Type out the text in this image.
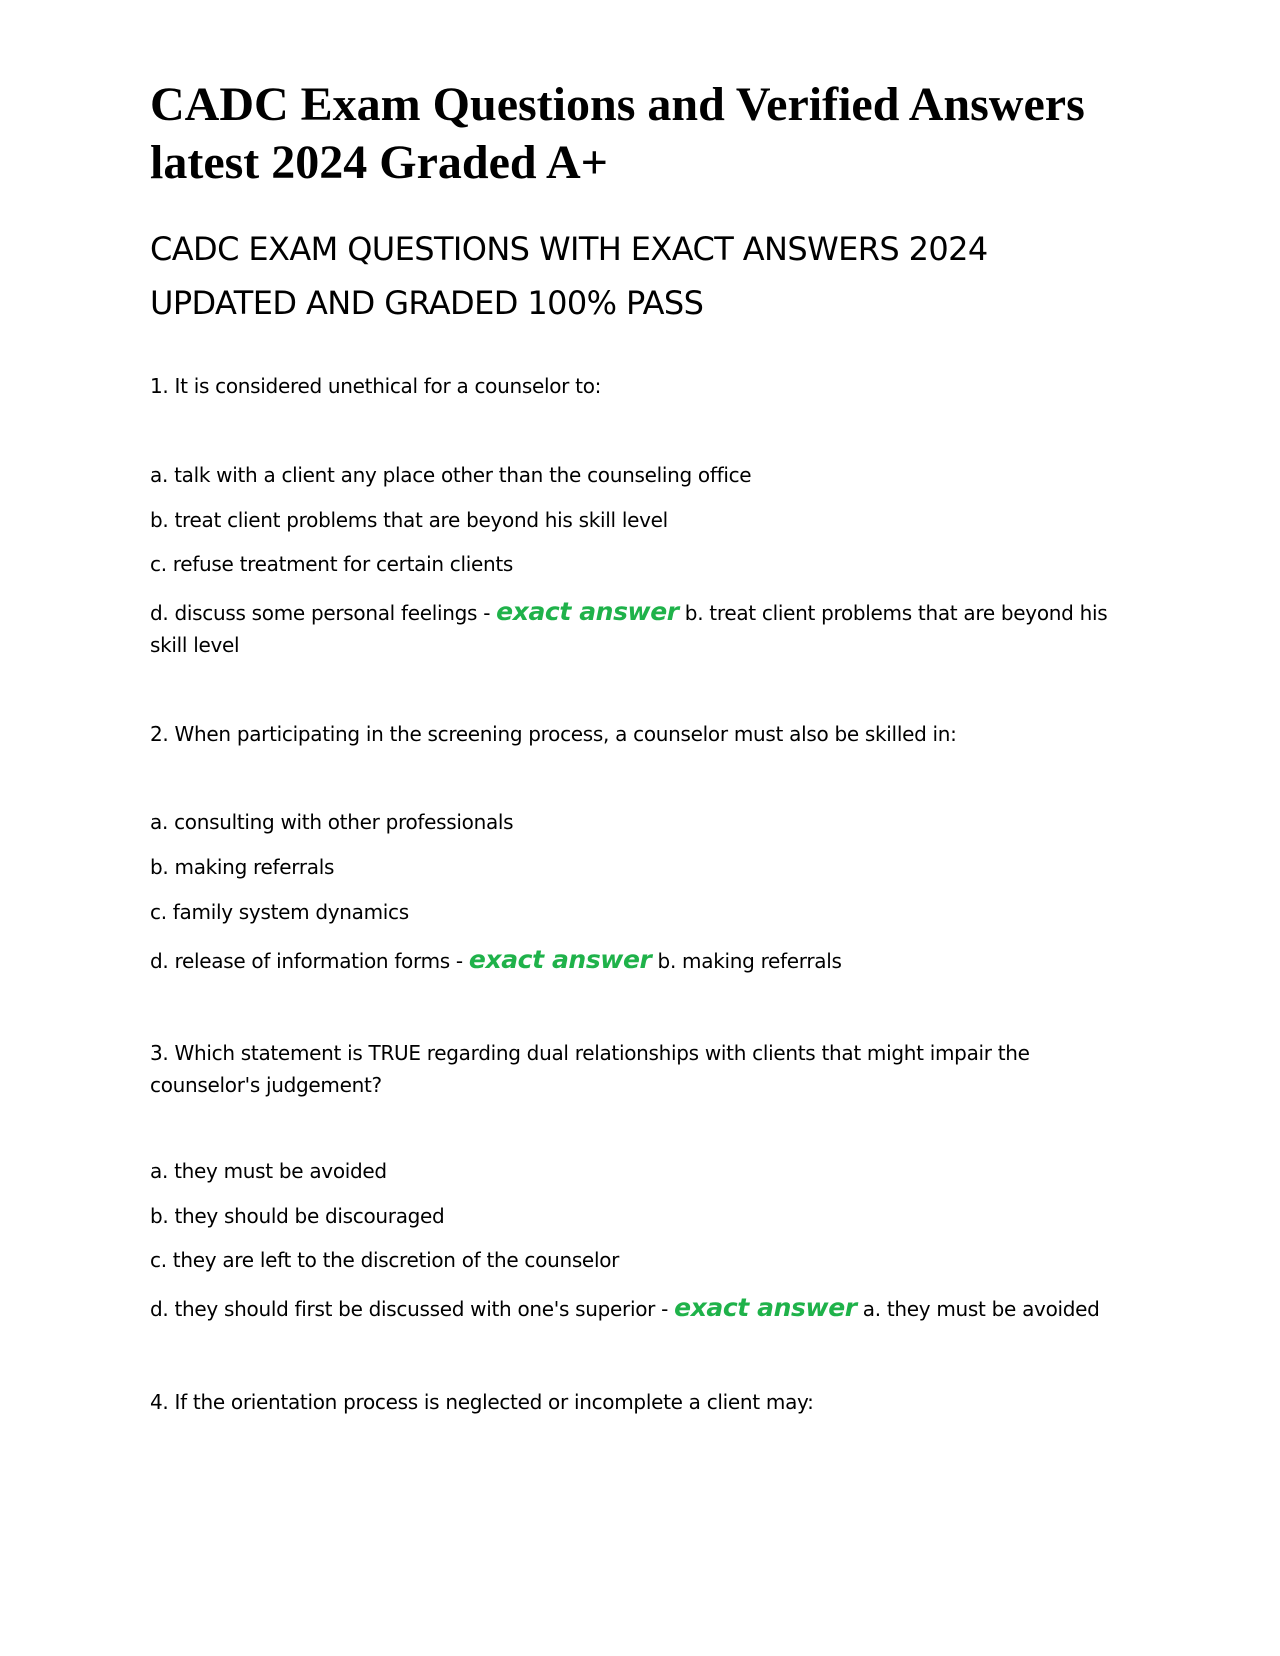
CADC Exam Questions and Verified Answers latest 2024 Graded A+
CADC EXAM QUESTIONS WITH EXACT ANSWERS 2024 UPDATED AND GRADED 100% PASS
1. It is considered unethical for a counselor to:
a. talk with a client any place other than the counseling office
b. treat client problems that are beyond his skill level
c. refuse treatment for certain clients
d. discuss some personal feelings - exact answer b. treat client problems that are beyond his skill level
2. When participating in the screening process, a counselor must also be skilled in:
a. consulting with other professionals
b. making referrals
c. family system dynamics
d. release of information forms - exact answer b. making referrals
3. Which statement is TRUE regarding dual relationships with clients that might impair the counselor's judgement?
a. they must be avoided
b. they should be discouraged
c. they are left to the discretion of the counselor
d. they should first be discussed with one's superior - exact answer a. they must be avoided
4. If the orientation process is neglected or incomplete a client may:
